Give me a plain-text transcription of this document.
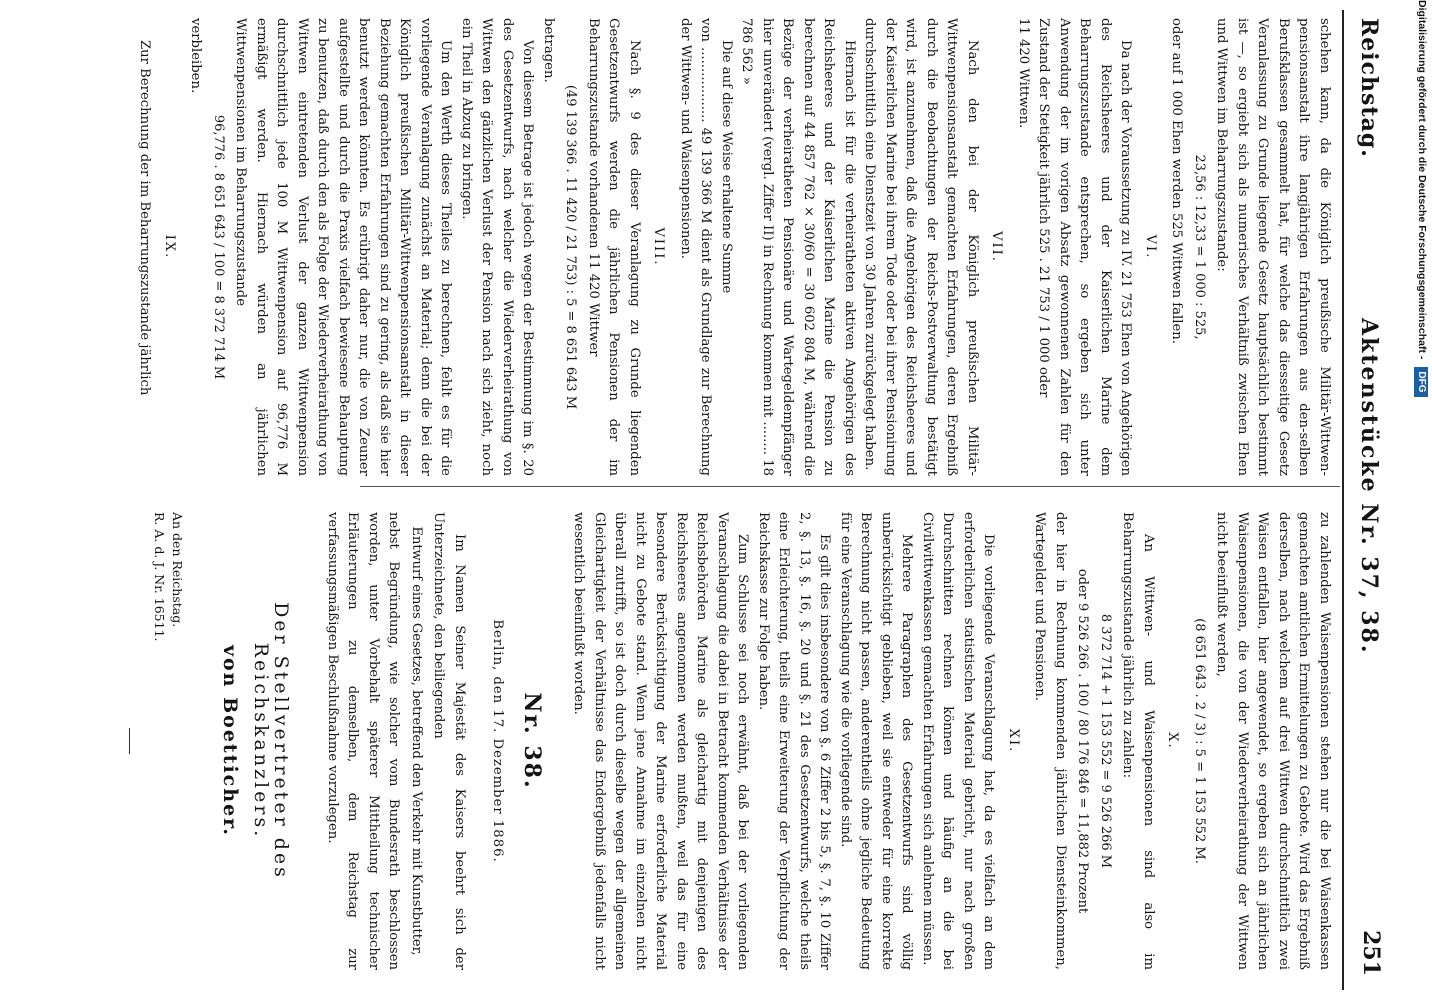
Reichstag.
Aktenstücke Nr. 37, 38.
251

schehen kann, da die Königlich preußische Militär-Wittwen-pensionsanstalt ihre langjährigen Erfahrungen aus den-selben Berufsklassen gesammelt hat, für welche das diesseitige Gesetz Veranlassung zu Grunde liegende Gesetz hauptsächlich bestimmt ist —, so ergiebt sich als numerisches Verhältniß zwischen Ehen und Wittwen im Beharrungszustande:

23,56 : 12,33 = 1 000 : 525,

oder auf 1 000 Ehen werden 525 Wittwen fallen.

VI.

Da nach der Voraussetzung zu IV. 21 753 Ehen von Angehörigen des Reichsheeres und der Kaiserlichen Marine dem Beharrungszustande entsprechen, so ergeben sich unter Anwendung der im vorigen Absatz gewonnenen Zahlen für den Zustand der Stetigkeit jährlich 525 . 21 753 / 1 000 oder

11 420 Wittwen.

VII.

Nach den bei der Königlich preußischen Militär-Wittwenpensionsanstalt gemachten Erfahrungen, deren Ergebniß durch die Beobachtungen der Reichs-Postverwaltung bestätigt wird, ist anzunehmen, daß die Angehörigen des Reichsheeres und der Kaiserlichen Marine bei ihrem Tode oder bei ihrer Pensionirung durchschnittlich eine Dienstzeit von 30 Jahren zurückgelegt haben.

Hiernach ist für die verheiratheten aktiven Angehörigen des Reichsheeres und der Kaiserlichen Marine die Pension zu berechnen auf 44 857 762 × 30/60 = 30 602 804 M, während die Bezüge der verheiratheten Pensionäre und Wartegeldempfänger hier unverändert (vergl. Ziffer II) in Rechnung kommen mit ........ 18 786 562 »

Die auf diese Weise erhaltene Summe

von .................. 49 139 366 M dient als Grundlage zur Berechnung der Wittwen- und Waisenpensionen.

VIII.

Nach §. 9 des dieser Veranlagung zu Grunde liegenden Gesetzentwurfs werden die jährlichen Pensionen der im Beharrungszustande vorhandenen 11 420 Wittwer

(49 139 366 . 11 420 / 21 753) : 5 = 8 651 643 M

betragen.

Von diesem Betrage ist jedoch wegen der Bestimmung im §. 20 des Gesetzentwurfs, nach welcher die Wiederverheirathung von Wittwen den gänzlichen Verlust der Pension nach sich zieht, noch ein Theil in Abzug zu bringen.

Um den Werth dieses Theiles zu berechnen, fehlt es für die vorliegende Veranlagung zunächst an Material; denn die bei der Königlich preußischen Militär-Wittwenpensionsanstalt in dieser Beziehung gemachten Erfahrungen sind zu gering, als daß sie hier benutzt werden könnten. Es erübrigt daher nur, die von Zeuner aufgestellte und durch die Praxis vielfach bewiesene Behauptung zu benutzen, daß durch den als Folge der Wiederverheirathung von Wittwen eintretenden Verlust der ganzen Wittwenpension durchschnittlich jede 100 M Wittwenpension auf 96,776 M ermäßigt werden. Hiernach würden an jährlichen Wittwenpensionen im Beharrungszustande

96,776 . 8 651 643 / 100 = 8 372 714 M

verbleiben.

IX.

Zur Berechnung der im Beharrungszustande jährlich

zu zahlenden Waisenpensionen stehen nur die bei Waisenkassen gemachten amtlichen Ermittelungen zu Gebote. Wird das Ergebniß derselben, nach welchem auf drei Wittwen durchschnittlich zwei Waisen entfallen, hier angewendet, so ergeben sich an jährlichen Waisenpensionen, die von der Wiederverheirathung der Wittwen nicht beeinflußt werden,

(8 651 643 . 2 / 3) : 5 = 1 153 552 M.

X.

An Wittwen- und Waisenpensionen sind also im Beharrungszustande jährlich zu zahlen:

8 372 714 + 1 153 552 = 9 526 266 M

oder 9 526 266 . 100 / 80 176 846 = 11,882 Prozent

der hier in Rechnung kommenden jährlichen Diensteinkommen, Wartegelder und Pensionen.

XI.

Die vorliegende Veranschlagung hat, da es vielfach an dem erforderlichen statistischen Material gebricht, nur nach großen Durchschnitten rechnen können und häufig an die bei Civilwittwenkassen gemachten Erfahrungen sich anlehnen müssen.

Mehrere Paragraphen des Gesetzentwurfs sind völlig unberücksichtigt geblieben, weil sie entweder für eine korrekte Berechnung nicht passen, anderentheils ohne jegliche Bedeutung für eine Veranschlagung wie die vorliegende sind.

Es gilt dies insbesondere von §. 6 Ziffer 2 bis 5, §. 7, §. 10 Ziffer 2, §. 13, §. 16, §. 20 und §. 21 des Gesetzentwurfs, welche theils eine Erleichterung, theils eine Erweiterung der Verpflichtung der Reichskasse zur Folge haben.

Zum Schlusse sei noch erwähnt, daß bei der vorliegenden Veranschlagung die dabei in Betracht kommenden Verhältnisse der Reichsbehörden Marine als gleichartig mit denjenigen des Reichsheeres angenommen werden mußten, weil das für eine besondere Berücksichtigung der Marine erforderliche Material nicht zu Gebote stand. Wenn jene Annahme im einzelnen nicht überall zutrifft, so ist doch durch dieselbe wegen der allgemeinen Gleichartigkeit der Verhältnisse das Endergebniß jedenfalls nicht wesentlich beeinflußt worden.

Nr. 38.

Berlin, den 17. Dezember 1886.

Im Namen Seiner Majestät des Kaisers beehrt sich der Unterzeichnete, den beiliegenden

Entwurf eines Gesetzes, betreffend den Verkehr mit Kunstbutter,

nebst Begründung, wie solcher vom Bundesrath beschlossen worden, unter Vorbehalt späterer Mittheilung technischer Erläuterungen zu demselben, dem Reichstag zur verfassungsmäßigen Beschlußnahme vorzulegen.

Der Stellvertreter des Reichskanzlers.

von Boetticher.

An den Reichstag.

R. A. d. J. Nr. 16511.

Digitalisierung gefördert durch die Deutsche Forschungsgemeinschaft -DFG
